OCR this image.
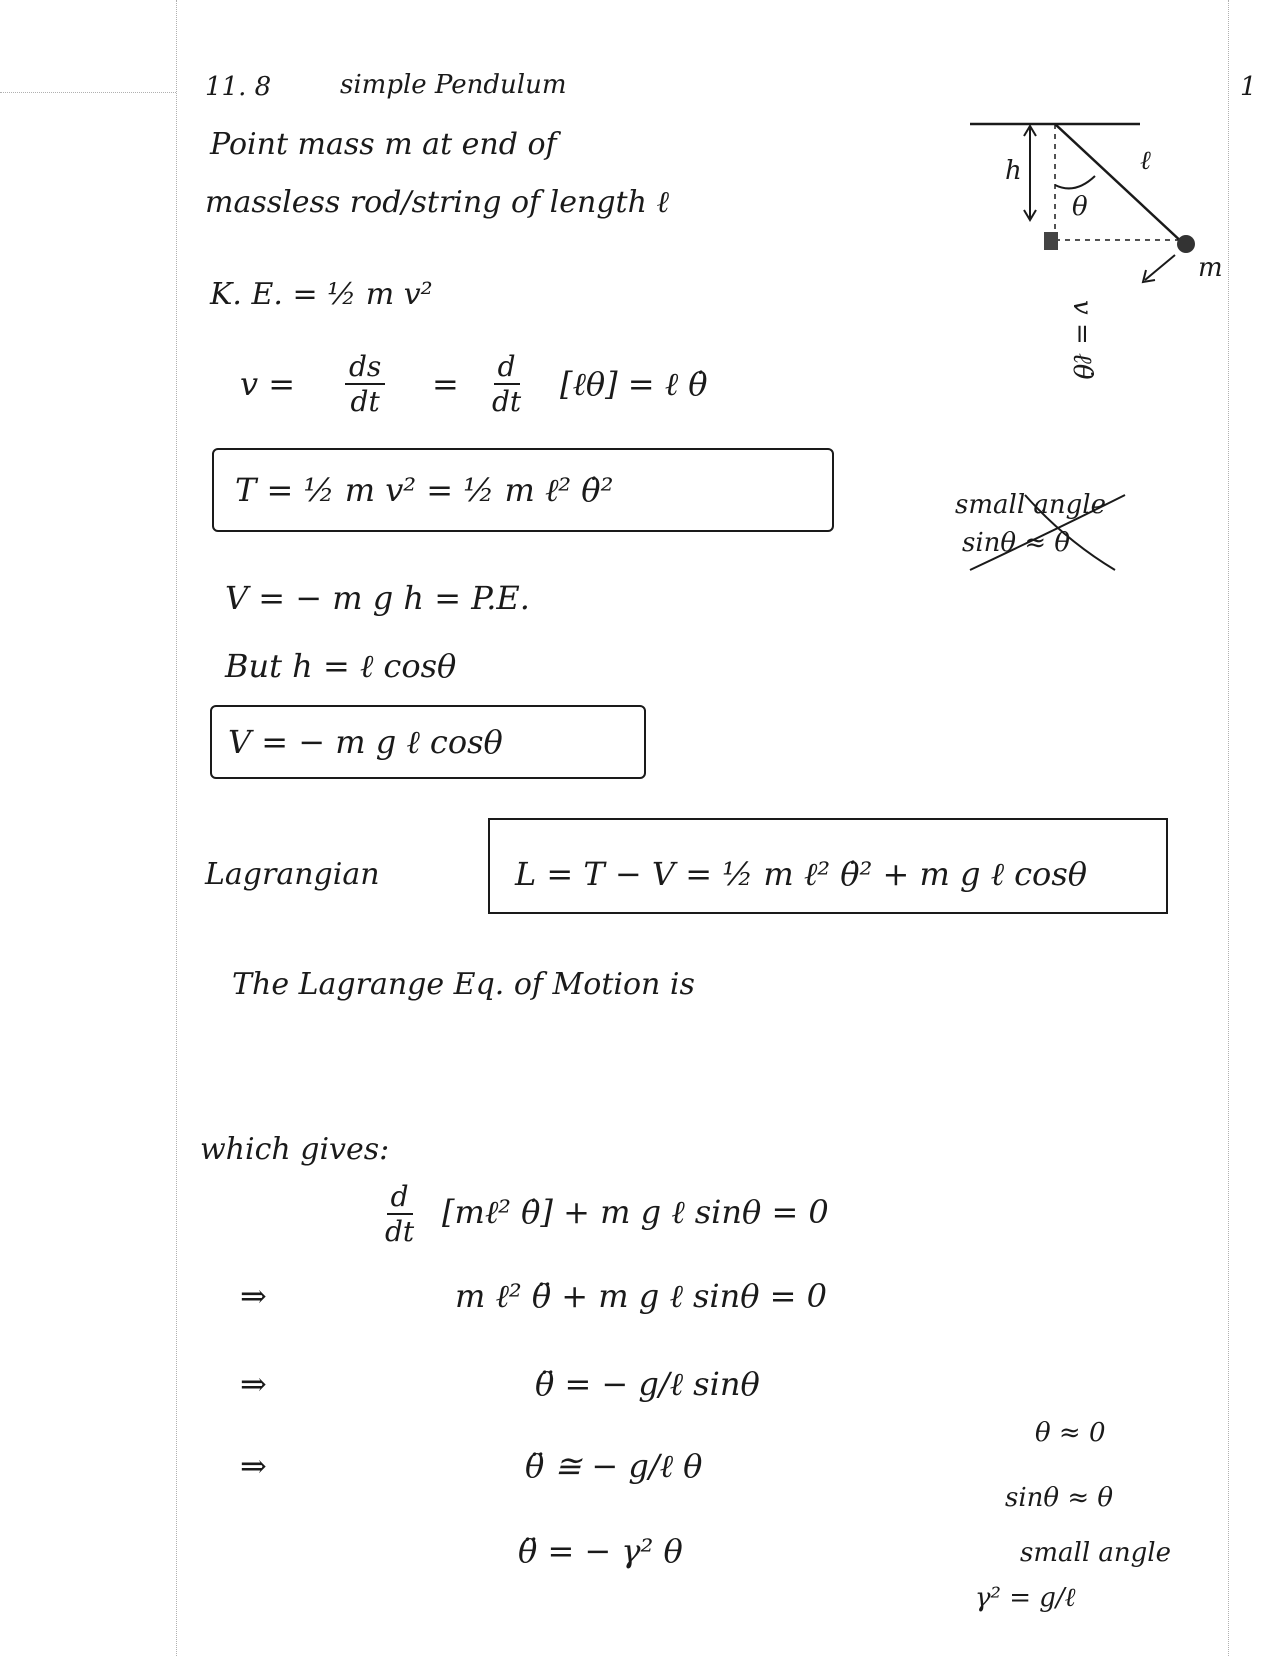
11. 8	simple Pendulum	1
Point mass m at end of
massless rod/string of length ℓ
h	ℓ
θ
m
v = ℓθ̇
K. E. = ½ m v²
$v = \frac{ds}{dt} = \frac{d}{dt}$ [ℓθ] = ℓ θ̇
T = ½ m v² = ½ m ℓ² θ̇²	small angle
sinθ ≈ θ
V = − m g h = P.E.
But h = ℓ cosθ
V = − m g ℓ cosθ
Lagrangian	L = T − V = ½ m ℓ² θ̇² + m g ℓ cosθ
The Lagrange Eq. of Motion is
which gives:
$\frac{d}{dt}$ [mℓ² θ̇] + m g ℓ sinθ = 0
⇒	m ℓ² θ̈ + m g ℓ sinθ = 0
⇒	θ̈ = − g/ℓ sinθ
⇒	θ̈ ≅ − g/ℓ θ
θ̈ = − γ² θ
θ ≈ 0
sinθ ≈ θ
small angle
γ² = g/ℓ
